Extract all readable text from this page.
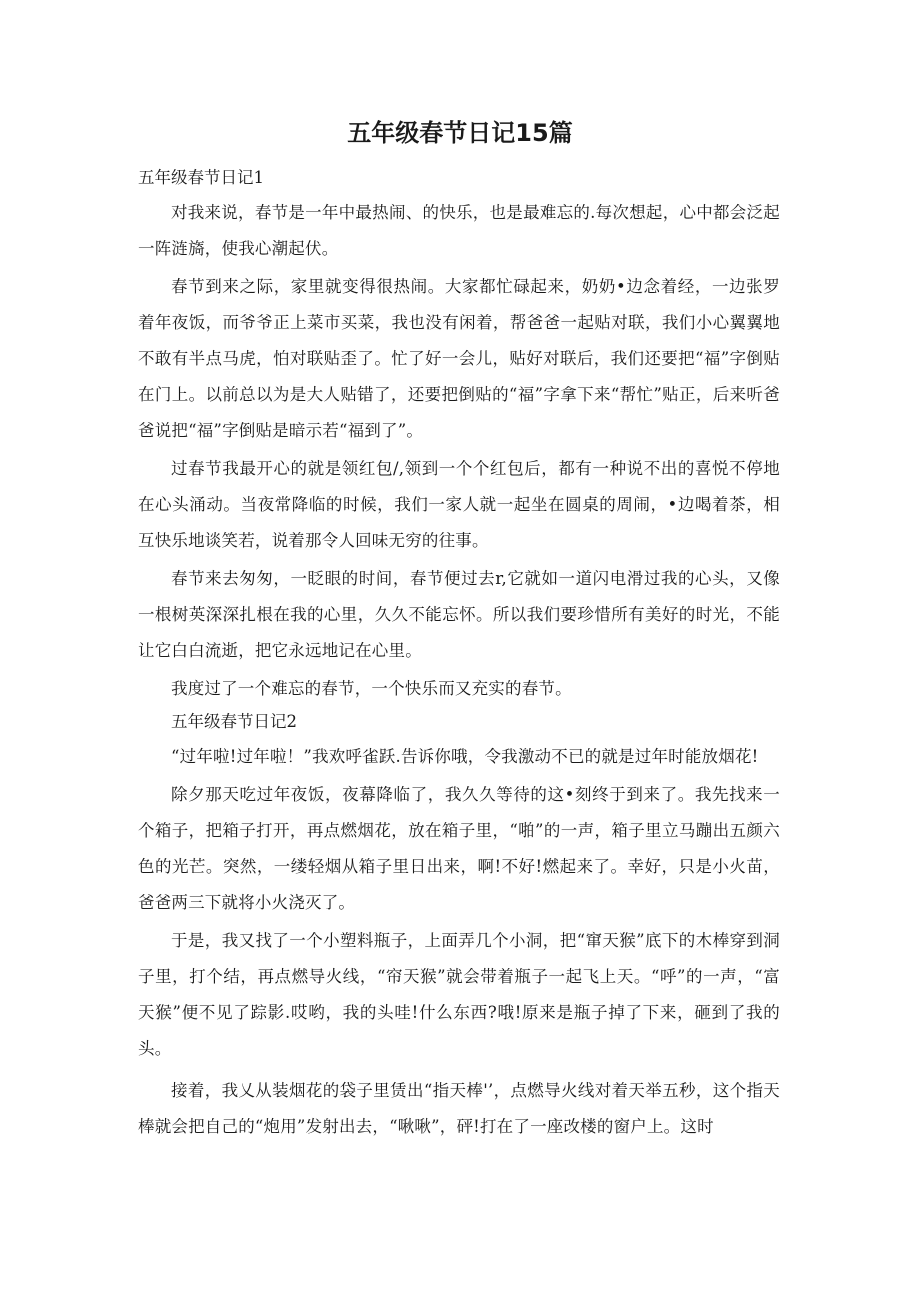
五年级春节日记15篇

五年级春节日记1

对我来说，春节是一年中最热闹、的快乐，也是最难忘的.每次想起，心中都会泛起一阵涟旖，使我心潮起伏。

春节到来之际，家里就变得很热闹。大家都忙碌起来，奶奶•边念着经，一边张罗着年夜饭，而爷爷正上菜市买菜，我也没有闲着，帮爸爸一起贴对联，我们小心翼翼地不敢有半点马虎，怕对联贴歪了。忙了好一会儿，贴好对联后，我们还要把“福”字倒贴在门上。以前总以为是大人贴错了，还要把倒贴的“福”字拿下来“帮忙”贴正，后来听爸爸说把“福”字倒贴是暗示若“福到了”。

过春节我最开心的就是领红包/,领到一个个红包后，都有一种说不出的喜悦不停地在心头涌动。当夜常降临的时候，我们一家人就一起坐在圆桌的周闹，•边喝着茶，相互快乐地谈笑若，说着那令人回味无穷的往事。

春节来去匆匆，一眨眼的时间，春节便过去r,它就如一道闪电滑过我的心头，又像一根树英深深扎根在我的心里，久久不能忘怀。所以我们要珍惜所有美好的时光，不能让它白白流逝，把它永远地记在心里。

我度过了一个难忘的春节，一个快乐而又充实的春节。

五年级春节日记2

“过年啦!过年啦！”我欢呼雀跃.告诉你哦，令我激动不已的就是过年时能放烟花!

除夕那天吃过年夜饭，夜幕降临了，我久久等待的这•刻终于到来了。我先找来一个箱子，把箱子打开，再点燃烟花，放在箱子里，“啪”的一声，箱子里立马蹦出五颜六色的光芒。突然，一缕轻烟从箱子里日出来，啊!不好!燃起来了。幸好，只是小火苗，爸爸两三下就将小火浇灭了。

于是，我又找了一个小塑料瓶子，上面弄几个小洞，把“窜天猴”底下的木棒穿到洞子里，打个结，再点燃导火线，“帘天猴”就会带着瓶子一起飞上天。“呼”的一声，“富天猴”便不见了踪影.哎哟，我的头哇!什么东西?哦!原来是瓶子掉了下来，砸到了我的头。

接着，我乂从装烟花的袋子里赁出“指天棒'’，点燃导火线对着天举五秒，这个指天棒就会把自己的“炮用”发射出去，“啾啾”，砰!打在了一座改楼的窗户上。这时
